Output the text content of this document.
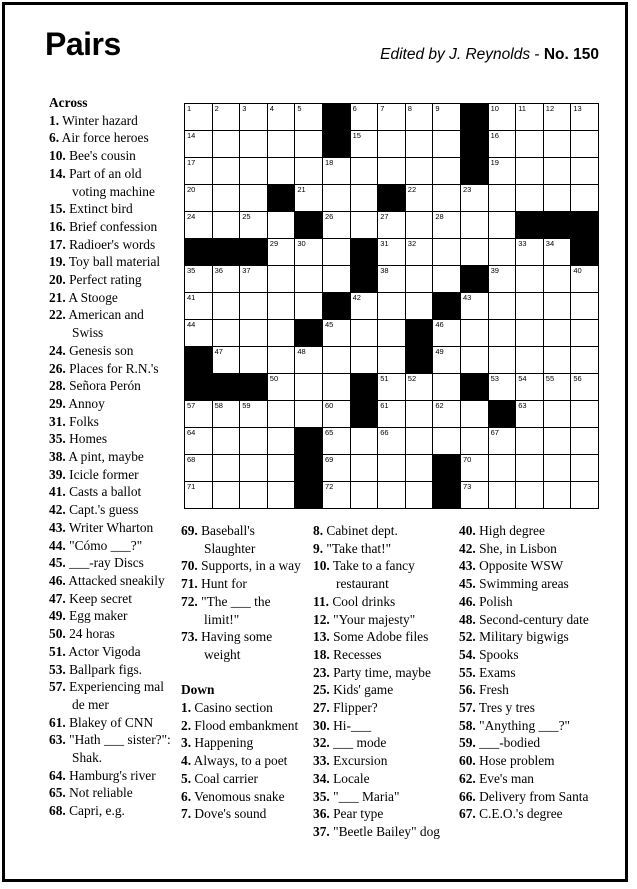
Pairs	Edited by J. Reynolds - No. 150
1	2	3	4	5	6	7	8	9	10	11	12	13
14	15	16
17	18	19
20	21	22	23
24	25	26	27	28
29	30	31	32	33	34
35	36	37	38	39	40
41	42	43
44	45	46
47	48	49
50	51	52	53	54	55	56
57	58	59	60	61	62	63
64	65	66	67
68	69	70
71	72	73
Across
1. Winter hazard
6. Air force heroes
10. Bee's cousin
14. Part of an old voting machine
15. Extinct bird
16. Brief confession
17. Radioer's words
19. Toy ball material
20. Perfect rating
21. A Stooge
22. American and Swiss
24. Genesis son
26. Places for R.N.'s
28. Señora Perón
29. Annoy
31. Folks
35. Homes
38. A pint, maybe
39. Icicle former
41. Casts a ballot
42. Capt.'s guess
43. Writer Wharton
44. "Cómo ___?"
45. ___-ray Discs
46. Attacked sneakily
47. Keep secret
49. Egg maker
50. 24 horas
51. Actor Vigoda
53. Ballpark figs.
57. Experiencing mal de mer
61. Blakey of CNN
63. "Hath ___ sister?": Shak.
64. Hamburg's river
65. Not reliable
68. Capri, e.g.
69. Baseball's Slaughter
70. Supports, in a way
71. Hunt for
72. "The ___ the limit!"
73. Having some weight
Down
1. Casino section
2. Flood embankment
3. Happening
4. Always, to a poet
5. Coal carrier
6. Venomous snake
7. Dove's sound
8. Cabinet dept.
9. "Take that!"
10. Take to a fancy restaurant
11. Cool drinks
12. "Your majesty"
13. Some Adobe files
18. Recesses
23. Party time, maybe
25. Kids' game
27. Flipper?
30. Hi-___
32. ___ mode
33. Excursion
34. Locale
35. "___ Maria"
36. Pear type
37. "Beetle Bailey" dog
40. High degree
42. She, in Lisbon
43. Opposite WSW
45. Swimming areas
46. Polish
48. Second-century date
52. Military bigwigs
54. Spooks
55. Exams
56. Fresh
57. Tres y tres
58. "Anything ___?"
59. ___-bodied
60. Hose problem
62. Eve's man
66. Delivery from Santa
67. C.E.O.'s degree
